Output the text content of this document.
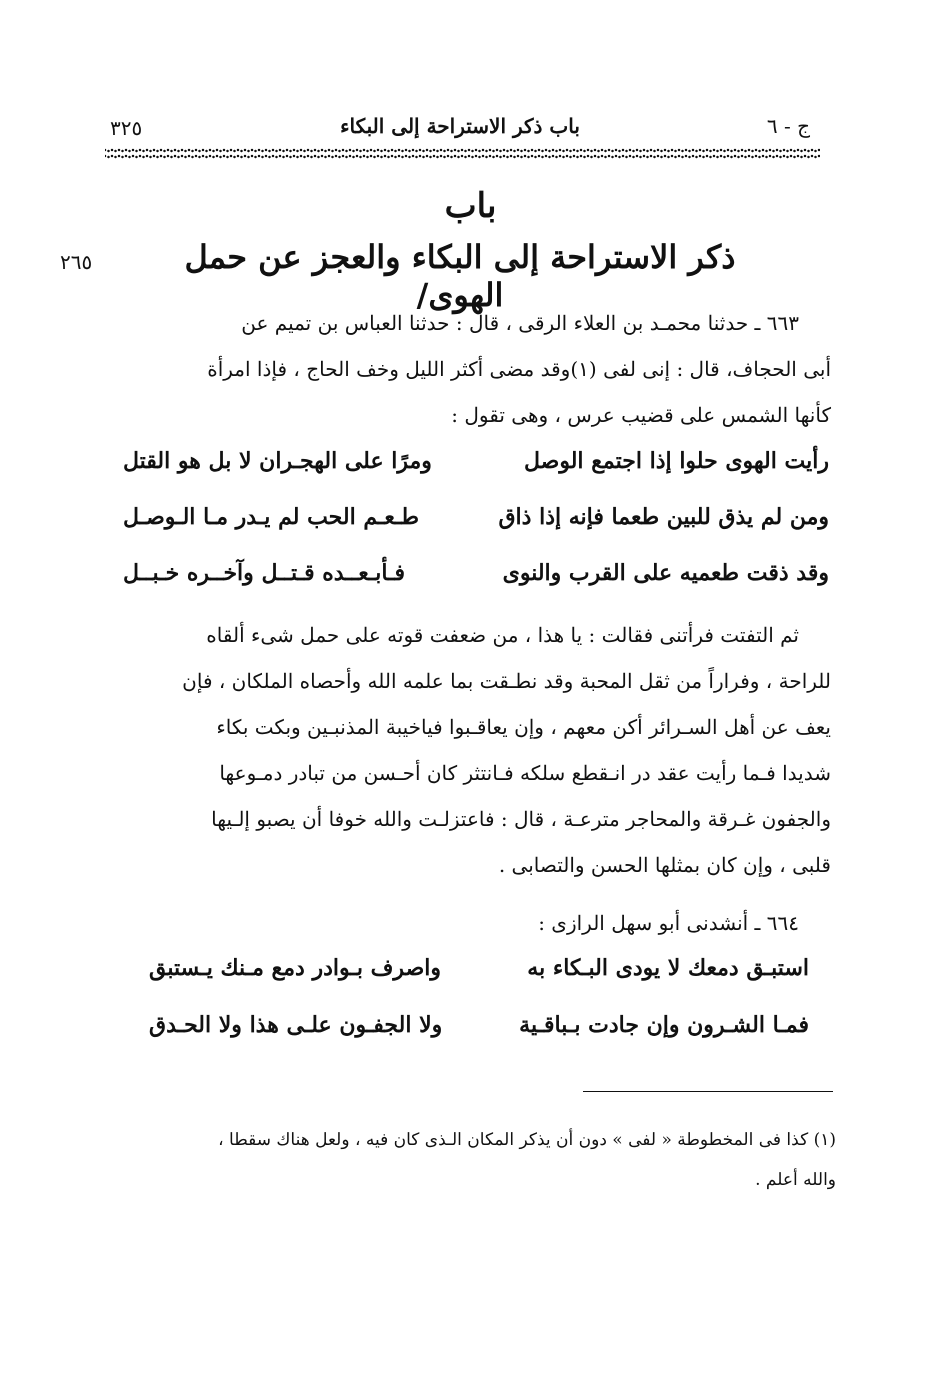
ج - ٦
باب ذكر الاستراحة إلى البكاء
٣٢٥
باب
ذكر الاستراحة إلى البكاء والعجز عن حمل الهوى/
٢٦٥
٦٦٣ ـ حدثنا محمـد بن العلاء الرقى ، قال : حدثنا العباس بن تميم عن
أبى الحجاف، قال : إنى لفى (١)وقد مضى أكثر الليل وخف الحاج ، فإذا امرأة
كأنها الشمس على قضيب عرس ، وهى تقول :
رأيت الهوى حلوا إذا اجتمع الوصل
ومرًا على الهجـران لا بل هو القتل
ومن لم يذق للبين طعما فإنه إذا ذاق
طـعـم الحب لم يـدر مـا الـوصـل
وقد ذقت طعميه على القرب والنوى
فـأبـعــده قـتــل وآخــره خـبــل
ثم التفتت فرأتنى فقالت : يا هذا ، من ضعفت قوته على حمل شىء ألقاه
للراحة ، وفراراً من ثقل المحبة وقد نطـقت بما علمه الله وأحصاه الملكان ، فإن
يعف عن أهل السـرائر أكن معهم ، وإن يعاقـبوا فياخيبة المذنبـين وبكت بكاء
شديدا فـما رأيت عقد در انـقطع سلكه فـانتثر كان أحـسن من تبادر دمـوعها
والجفون غـرقة والمحاجر مترعـة ، قال : فاعتزلـت والله خوفا أن يصبو إلـيها
قلبى ، وإن كان بمثلها الحسن والتصابى .
٦٦٤ ـ أنشدنى أبو سهل الرازى :
استبـق دمعك لا يودى البـكاء به
واصرف بـوادر دمع مـنك يـستبق
فمـا الشـرون وإن جادت بـباقـية
ولا الجفـون علـى هذا ولا الحـدق
(١) كذا فى المخطوطة « لفى » دون أن يذكر المكان الـذى كان فيه ، ولعل هناك سقطا ،
والله أعلم .
